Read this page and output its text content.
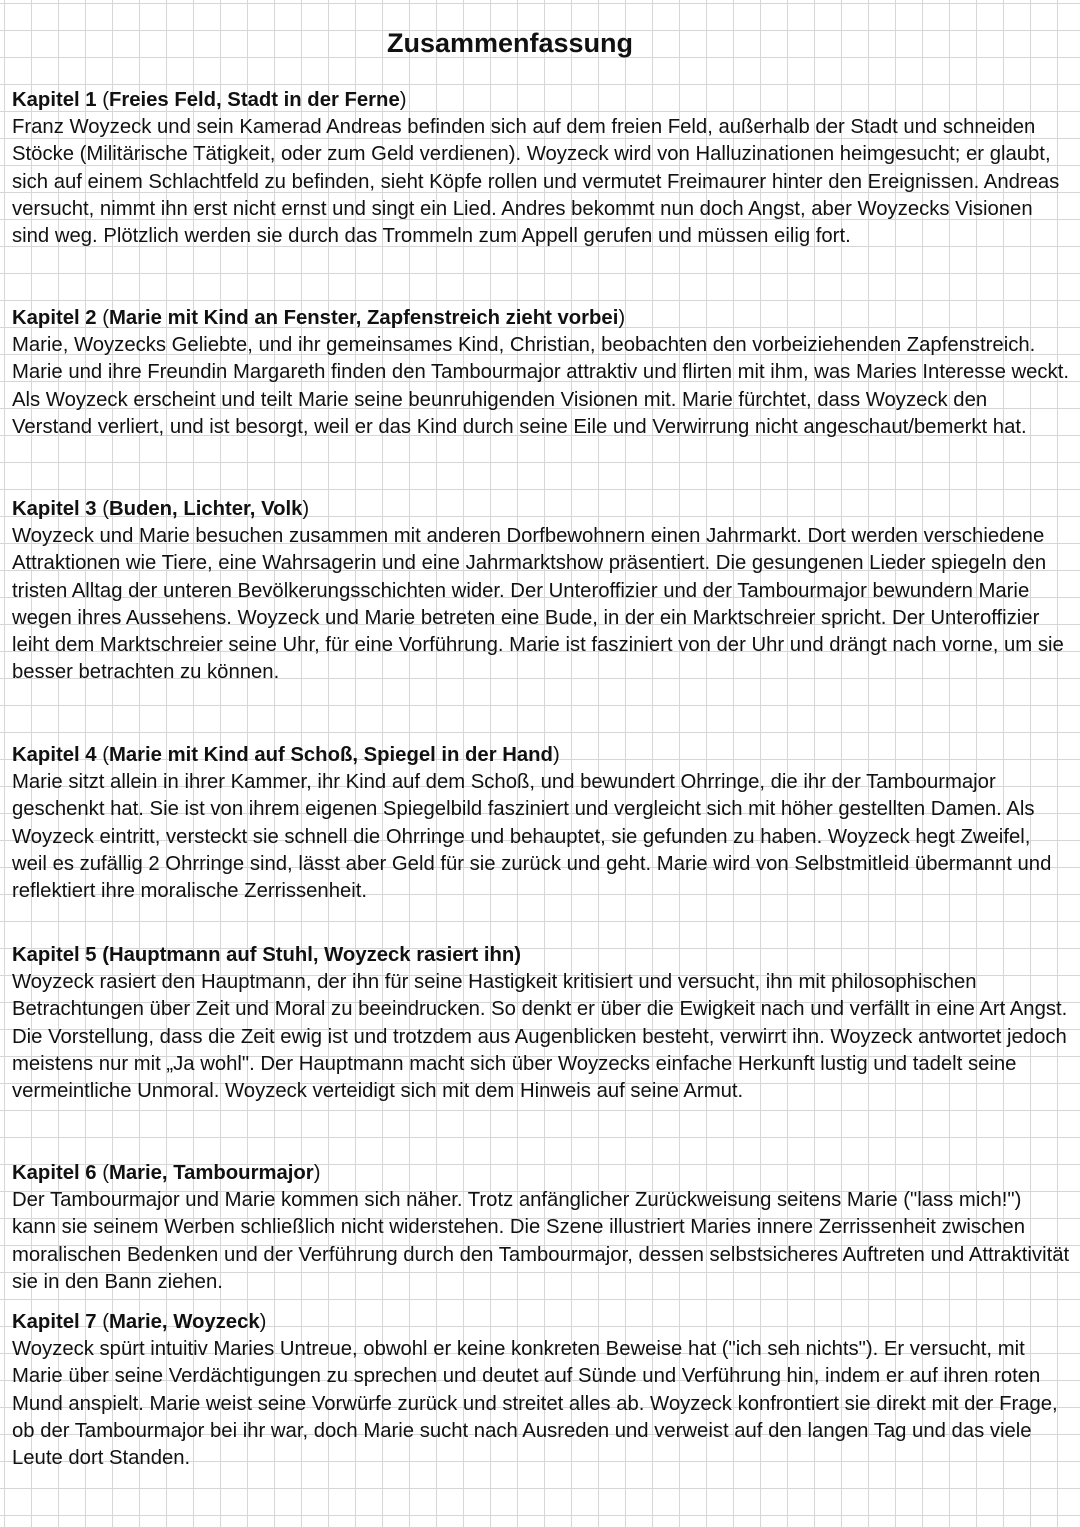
Zusammenfassung

Kapitel 1 (Freies Feld, Stadt in der Ferne)

Franz Woyzeck und sein Kamerad Andreas befinden sich auf dem freien Feld, außerhalb der Stadt und schneiden Stöcke (Militärische Tätigkeit, oder zum Geld verdienen). Woyzeck wird von Halluzinationen heimgesucht; er glaubt, sich auf einem Schlachtfeld zu befinden, sieht Köpfe rollen und vermutet Freimaurer hinter den Ereignissen. Andreas versucht, nimmt ihn erst nicht ernst und singt ein Lied. Andres bekommt nun doch Angst, aber Woyzecks Visionen sind weg. Plötzlich werden sie durch das Trommeln zum Appell gerufen und müssen eilig fort.

Kapitel 2 (Marie mit Kind an Fenster, Zapfenstreich zieht vorbei)

Marie, Woyzecks Geliebte, und ihr gemeinsames Kind, Christian, beobachten den vorbeiziehenden Zapfenstreich. Marie und ihre Freundin Margareth finden den Tambourmajor attraktiv und flirten mit ihm, was Maries Interesse weckt. Als Woyzeck erscheint und teilt Marie seine beunruhigenden Visionen mit. Marie fürchtet, dass Woyzeck den Verstand verliert, und ist besorgt, weil er das Kind durch seine Eile und Verwirrung nicht angeschaut/bemerkt hat.

Kapitel 3 (Buden, Lichter, Volk)

Woyzeck und Marie besuchen zusammen mit anderen Dorfbewohnern einen Jahrmarkt. Dort werden verschiedene Attraktionen wie Tiere, eine Wahrsagerin und eine Jahrmarktshow präsentiert. Die gesungenen Lieder spiegeln den tristen Alltag der unteren Bevölkerungsschichten wider. Der Unteroffizier und der Tambourmajor bewundern Marie wegen ihres Aussehens. Woyzeck und Marie betreten eine Bude, in der ein Marktschreier spricht. Der Unteroffizier leiht dem Marktschreier seine Uhr, für eine Vorführung. Marie ist fasziniert von der Uhr und drängt nach vorne, um sie besser betrachten zu können.

Kapitel 4 (Marie mit Kind auf Schoß, Spiegel in der Hand)

Marie sitzt allein in ihrer Kammer, ihr Kind auf dem Schoß, und bewundert Ohrringe, die ihr der Tambourmajor geschenkt hat. Sie ist von ihrem eigenen Spiegelbild fasziniert und vergleicht sich mit höher gestellten Damen. Als Woyzeck eintritt, versteckt sie schnell die Ohrringe und behauptet, sie gefunden zu haben. Woyzeck hegt Zweifel, weil es zufällig 2 Ohrringe sind, lässt aber Geld für sie zurück und geht. Marie wird von Selbstmitleid übermannt und reflektiert ihre moralische Zerrissenheit.

Kapitel 5 (Hauptmann auf Stuhl, Woyzeck rasiert ihn)

Woyzeck rasiert den Hauptmann, der ihn für seine Hastigkeit kritisiert und versucht, ihn mit philosophischen Betrachtungen über Zeit und Moral zu beeindrucken. So denkt er über die Ewigkeit nach und verfällt in eine Art Angst. Die Vorstellung, dass die Zeit ewig ist und trotzdem aus Augenblicken besteht, verwirrt ihn. Woyzeck antwortet jedoch meistens nur mit „Ja wohl". Der Hauptmann macht sich über Woyzecks einfache Herkunft lustig und tadelt seine vermeintliche Unmoral. Woyzeck verteidigt sich mit dem Hinweis auf seine Armut.

Kapitel 6 (Marie, Tambourmajor)

Der Tambourmajor und Marie kommen sich näher. Trotz anfänglicher Zurückweisung seitens Marie ("lass mich!") kann sie seinem Werben schließlich nicht widerstehen. Die Szene illustriert Maries innere Zerrissenheit zwischen moralischen Bedenken und der Verführung durch den Tambourmajor, dessen selbstsicheres Auftreten und Attraktivität sie in den Bann ziehen.

Kapitel 7 (Marie, Woyzeck)

Woyzeck spürt intuitiv Maries Untreue, obwohl er keine konkreten Beweise hat ("ich seh nichts"). Er versucht, mit Marie über seine Verdächtigungen zu sprechen und deutet auf Sünde und Verführung hin, indem er auf ihren roten Mund anspielt. Marie weist seine Vorwürfe zurück und streitet alles ab. Woyzeck konfrontiert sie direkt mit der Frage, ob der Tambourmajor bei ihr war, doch Marie sucht nach Ausreden und verweist auf den langen Tag und das viele Leute dort Standen.
